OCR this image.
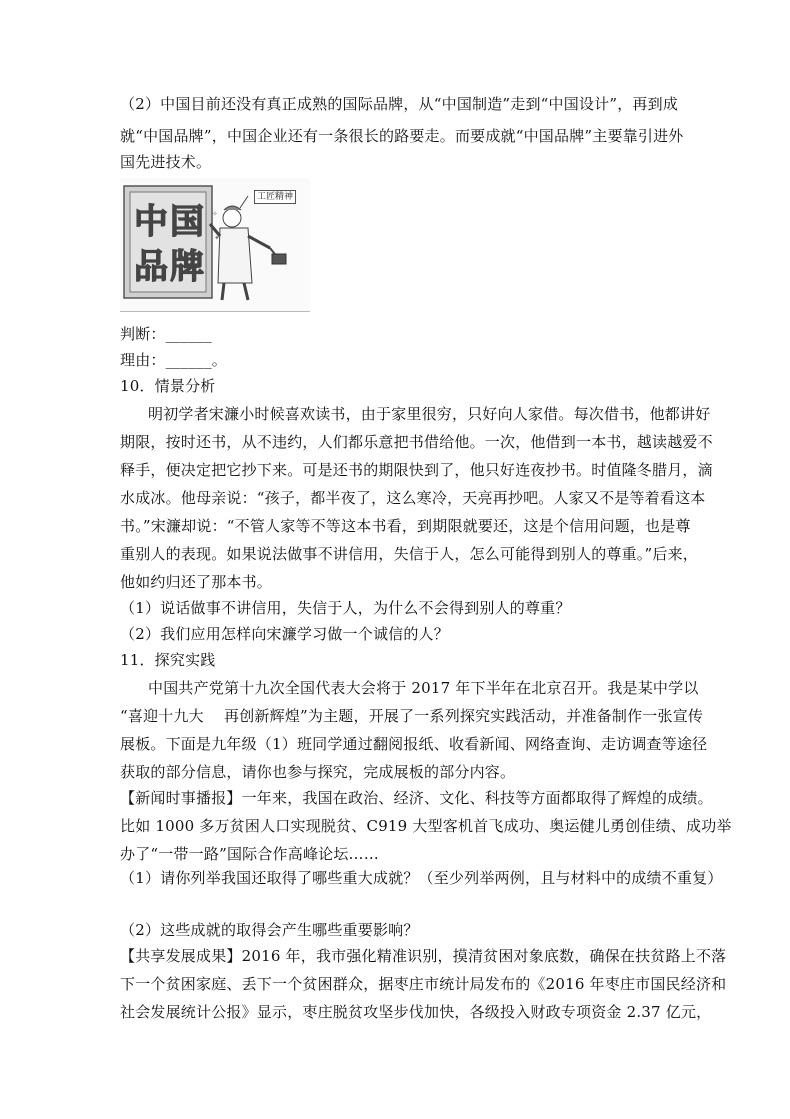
（2）中国目前还没有真正成熟的国际品牌，从“中国制造”走到“中国设计”，再到成
就“中国品牌”，中国企业还有一条很长的路要走。而要成就“中国品牌”主要靠引进外
国先进技术。
中 国
品 牌
✦
✧
工匠精神
判断：______
理由：______。
10．情景分析
明初学者宋濂小时候喜欢读书，由于家里很穷，只好向人家借。每次借书，他都讲好
期限，按时还书，从不违约，人们都乐意把书借给他。一次，他借到一本书，越读越爱不
释手，便决定把它抄下来。可是还书的期限快到了，他只好连夜抄书。时值隆冬腊月，滴
水成冰。他母亲说：“孩子，都半夜了，这么寒冷，天亮再抄吧。人家又不是等着看这本
书。”宋濂却说：“不管人家等不等这本书看，到期限就要还，这是个信用问题，也是尊
重别人的表现。如果说法做事不讲信用，失信于人，怎么可能得到别人的尊重。”后来，
他如约归还了那本书。
（1）说话做事不讲信用，失信于人，为什么不会得到别人的尊重？
（2）我们应用怎样向宋濂学习做一个诚信的人？
11．探究实践
中国共产党第十九次全国代表大会将于 2017 年下半年在北京召开。我是某中学以
“喜迎十九大　 再创新辉煌”为主题，开展了一系列探究实践活动，并准备制作一张宣传
展板。下面是九年级（1）班同学通过翻阅报纸、收看新闻、网络查询、走访调查等途径
获取的部分信息，请你也参与探究，完成展板的部分内容。
【新闻时事播报】一年来，我国在政治、经济、文化、科技等方面都取得了辉煌的成绩。
比如 1000 多万贫困人口实现脱贫、C919 大型客机首飞成功、奥运健儿勇创佳绩、成功举
办了“一带一路”国际合作高峰论坛……
（1）请你列举我国还取得了哪些重大成就？（至少列举两例，且与材料中的成绩不重复）
（2）这些成就的取得会产生哪些重要影响？
【共享发展成果】2016 年，我市强化精准识别，摸清贫困对象底数，确保在扶贫路上不落
下一个贫困家庭、丢下一个贫困群众，据枣庄市统计局发布的《2016 年枣庄市国民经济和
社会发展统计公报》显示，枣庄脱贫攻坚步伐加快，各级投入财政专项资金 2.37 亿元，
